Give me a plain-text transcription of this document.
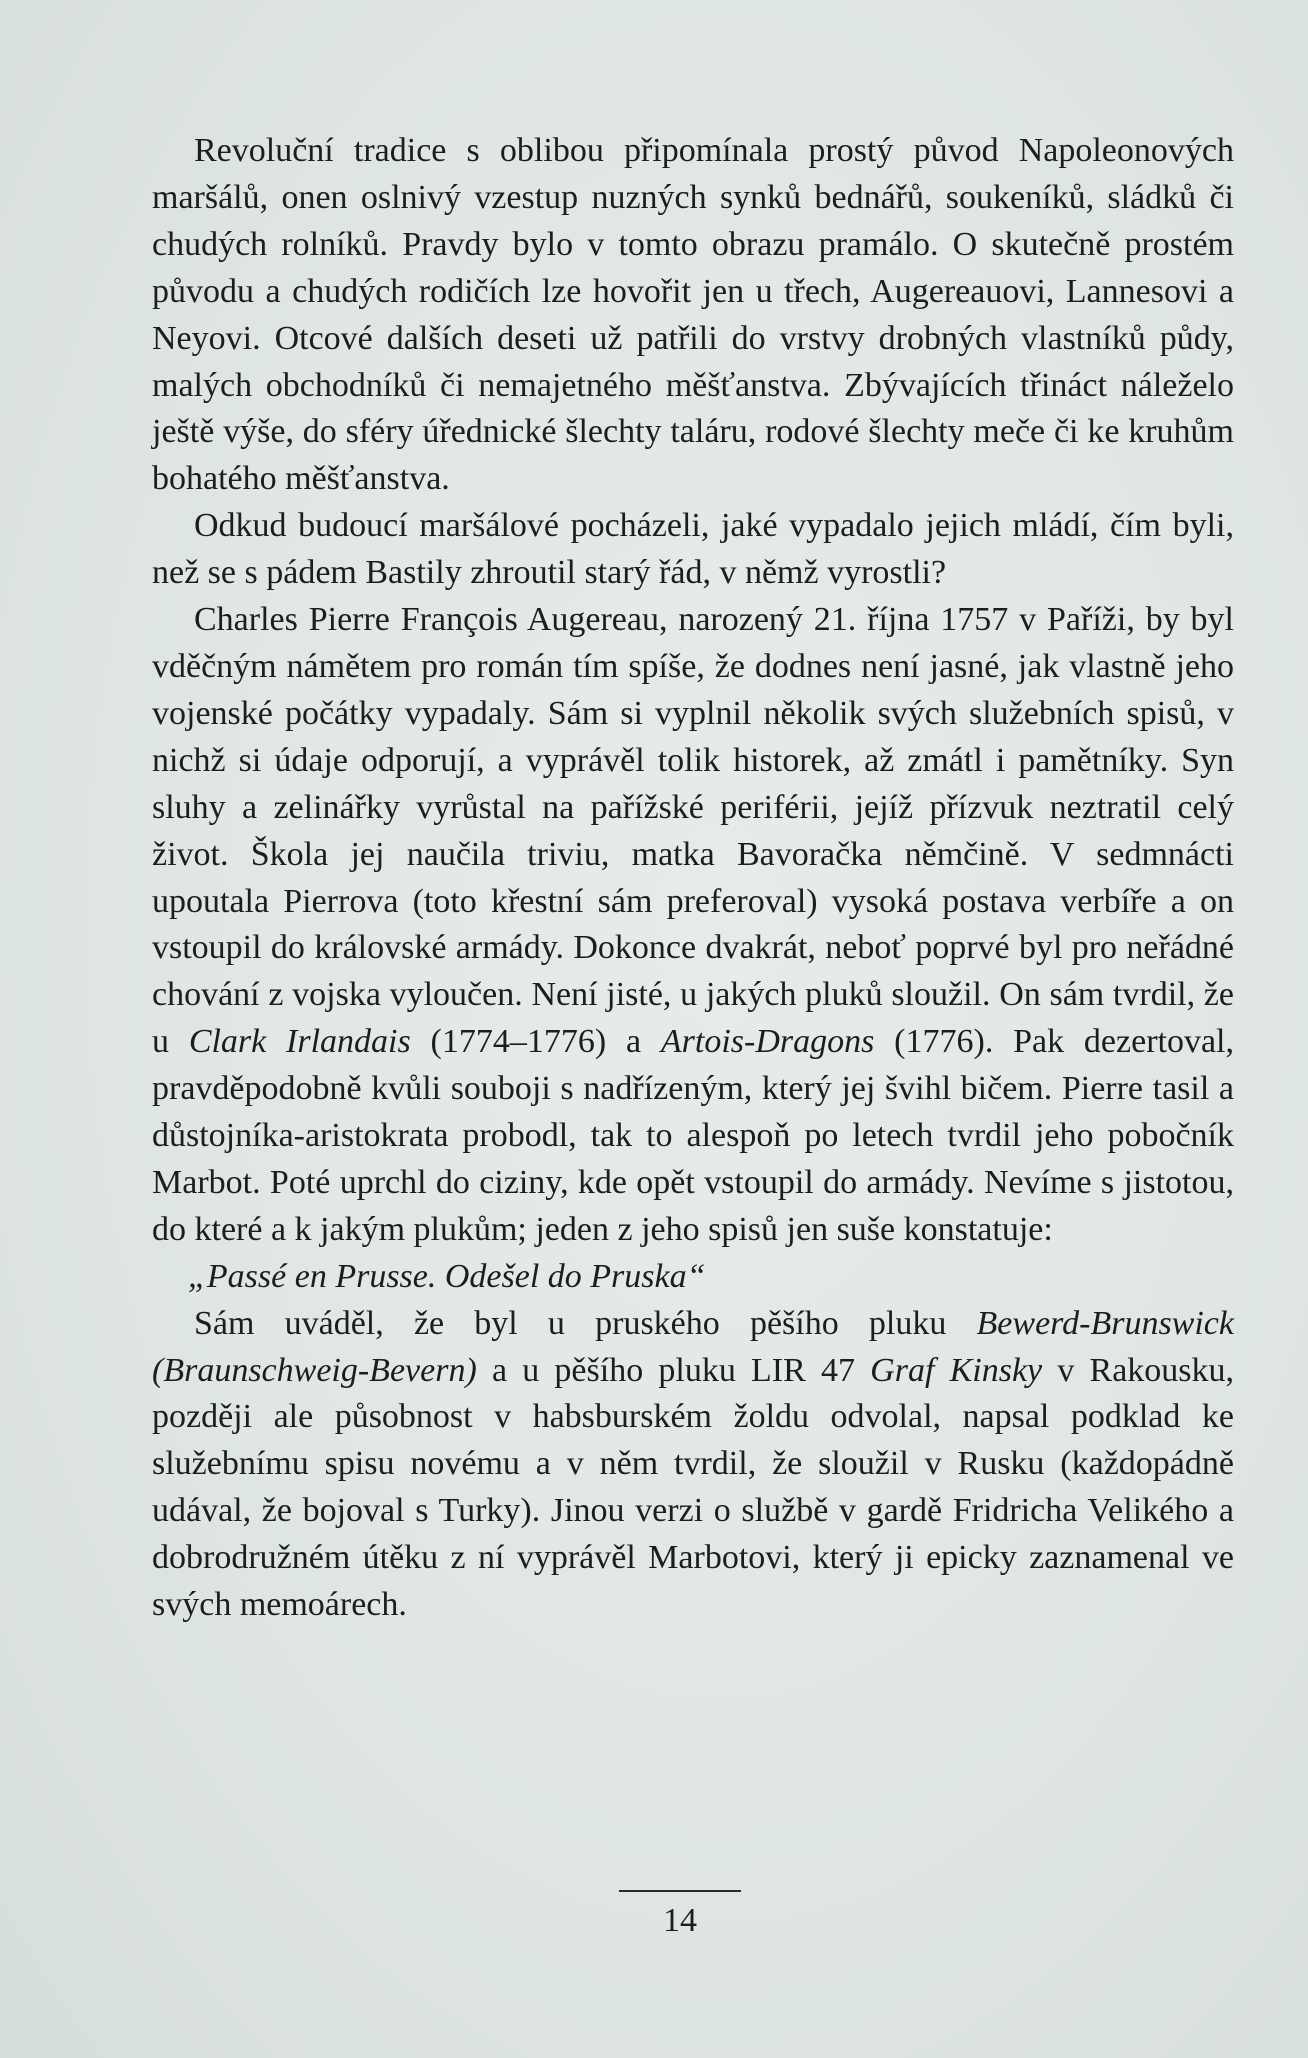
Revoluční tradice s oblibou připomínala prostý původ Napoleonových maršálů, onen oslnivý vzestup nuzných synků bednářů, soukeníků, sládků či chudých rolníků. Pravdy bylo v tomto obrazu pramálo. O skutečně prostém původu a chudých rodičích lze hovořit jen u třech, Augereauovi, Lannesovi a Neyovi. Otcové dalších deseti už patřili do vrstvy drobných vlastníků půdy, malých obchodníků či nemajetného měšťanstva. Zbývajících třináct náleželo ještě výše, do sféry úřednické šlechty taláru, rodové šlechty meče či ke kruhům bohatého měšťanstva.

Odkud budoucí maršálové pocházeli, jaké vypadalo jejich mládí, čím byli, než se s pádem Bastily zhroutil starý řád, v němž vyrostli?

Charles Pierre François Augereau, narozený 21. října 1757 v Paříži, by byl vděčným námětem pro román tím spíše, že dodnes není jasné, jak vlastně jeho vojenské počátky vypadaly. Sám si vyplnil několik svých služebních spisů, v nichž si údaje odporují, a vyprávěl tolik historek, až zmátl i pamětníky. Syn sluhy a zelinářky vyrůstal na pařížské periférii, jejíž přízvuk neztratil celý život. Škola jej naučila triviu, matka Bavoračka němčině. V sedmnácti upoutala Pierrova (toto křestní sám preferoval) vysoká postava verbíře a on vstoupil do královské armády. Dokonce dvakrát, neboť poprvé byl pro neřádné chování z vojska vyloučen. Není jisté, u jakých pluků sloužil. On sám tvrdil, že u Clark Irlandais (1774–1776) a Artois-Dragons (1776). Pak dezertoval, pravděpodobně kvůli souboji s nadřízeným, který jej švihl bičem. Pierre tasil a důstojníka-aristokrata probodl, tak to alespoň po letech tvrdil jeho pobočník Marbot. Poté uprchl do ciziny, kde opět vstoupil do armády. Nevíme s jistotou, do které a k jakým plukům; jeden z jeho spisů jen suše konstatuje:

„Passé en Prusse. Odešel do Pruska“

Sám uváděl, že byl u pruského pěšího pluku Bewerd-Brunswick (Braunschweig-Bevern) a u pěšího pluku LIR 47 Graf Kinsky v Rakousku, později ale působnost v habsburském žoldu odvolal, napsal podklad ke služebnímu spisu novému a v něm tvrdil, že sloužil v Rusku (každopádně udával, že bojoval s Turky). Jinou verzi o službě v gardě Fridricha Velikého a dobrodružném útěku z ní vyprávěl Marbotovi, který ji epicky zaznamenal ve svých memoárech.

14
